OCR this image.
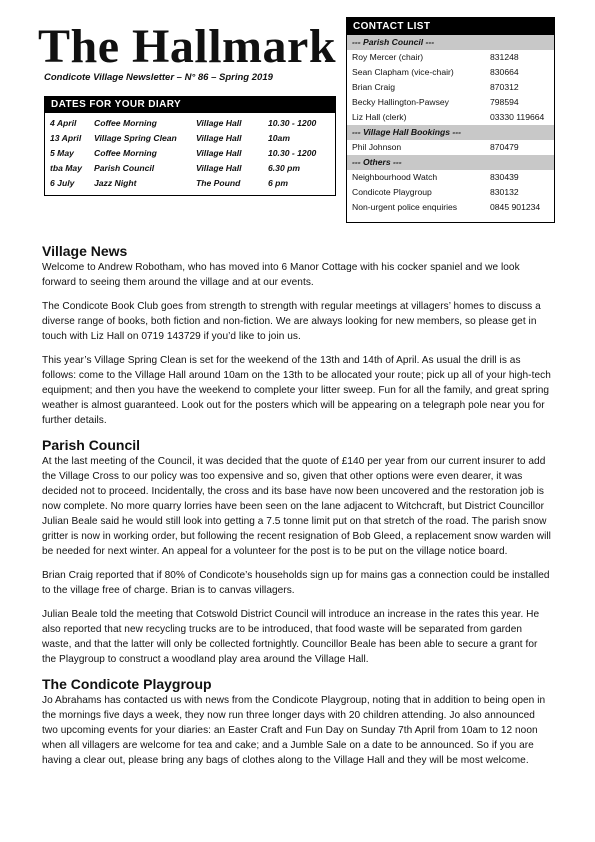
The Hallmark
Condicote Village Newsletter – N° 86 – Spring 2019
DATES FOR YOUR DIARY
4 April	Coffee Morning	Village Hall	10.30 - 1200
13 April	Village Spring Clean	Village Hall	10am
5 May	Coffee Morning	Village Hall	10.30 - 1200
tba May	Parish Council	Village Hall	6.30 pm
6 July	Jazz Night	The Pound	6 pm
CONTACT LIST
--- Parish Council ---	
Roy Mercer (chair)	831248
Sean Clapham (vice-chair)	830664
Brian Craig	870312
Becky Hallington-Pawsey	798594
Liz Hall (clerk)	03330 119664
--- Village Hall Bookings ---	
Phil Johnson	870479
--- Others ---	
Neighbourhood Watch	830439
Condicote Playgroup	830132
Non-urgent police enquiries	0845 901234
Village News

Welcome to Andrew Robotham, who has moved into 6 Manor Cottage with his cocker spaniel and we look forward to seeing them around the village and at our events.

The Condicote Book Club goes from strength to strength with regular meetings at villagers’ homes to discuss a diverse range of books, both fiction and non-fiction. We are always looking for new members, so please get in touch with Liz Hall on 0719 143729 if you’d like to join us.

This year’s Village Spring Clean is set for the weekend of the 13th and 14th of April. As usual the drill is as follows: come to the Village Hall around 10am on the 13th to be allocated your route; pick up all of your high-tech equipment; and then you have the weekend to complete your litter sweep. Fun for all the family, and great spring weather is almost guaranteed. Look out for the posters which will be appearing on a telegraph pole near you for further details.

Parish Council

At the last meeting of the Council, it was decided that the quote of £140 per year from our current insurer to add the Village Cross to our policy was too expensive and so, given that other options were even dearer, it was decided not to proceed. Incidentally, the cross and its base have now been uncovered and the restoration job is now complete. No more quarry lorries have been seen on the lane adjacent to Witchcraft, but District Councillor Julian Beale said he would still look into getting a 7.5 tonne limit put on that stretch of the road. The parish snow gritter is now in working order, but following the recent resignation of Bob Gleed, a replacement snow warden will be needed for next winter. An appeal for a volunteer for the post is to be put on the village notice board.

Brian Craig reported that if 80% of Condicote’s households sign up for mains gas a connection could be installed to the village free of charge. Brian is to canvas villagers.

Julian Beale told the meeting that Cotswold District Council will introduce an increase in the rates this year. He also reported that new recycling trucks are to be introduced, that food waste will be separated from garden waste, and that the latter will only be collected fortnightly. Councillor Beale has been able to secure a grant for the Playgroup to construct a woodland play area around the Village Hall.

The Condicote Playgroup

Jo Abrahams has contacted us with news from the Condicote Playgroup, noting that in addition to being open in the mornings five days a week, they now run three longer days with 20 children attending. Jo also announced two upcoming events for your diaries: an Easter Craft and Fun Day on Sunday 7th April from 10am to 12 noon when all villagers are welcome for tea and cake; and a Jumble Sale on a date to be announced. So if you are having a clear out, please bring any bags of clothes along to the Village Hall and they will be most welcome.
